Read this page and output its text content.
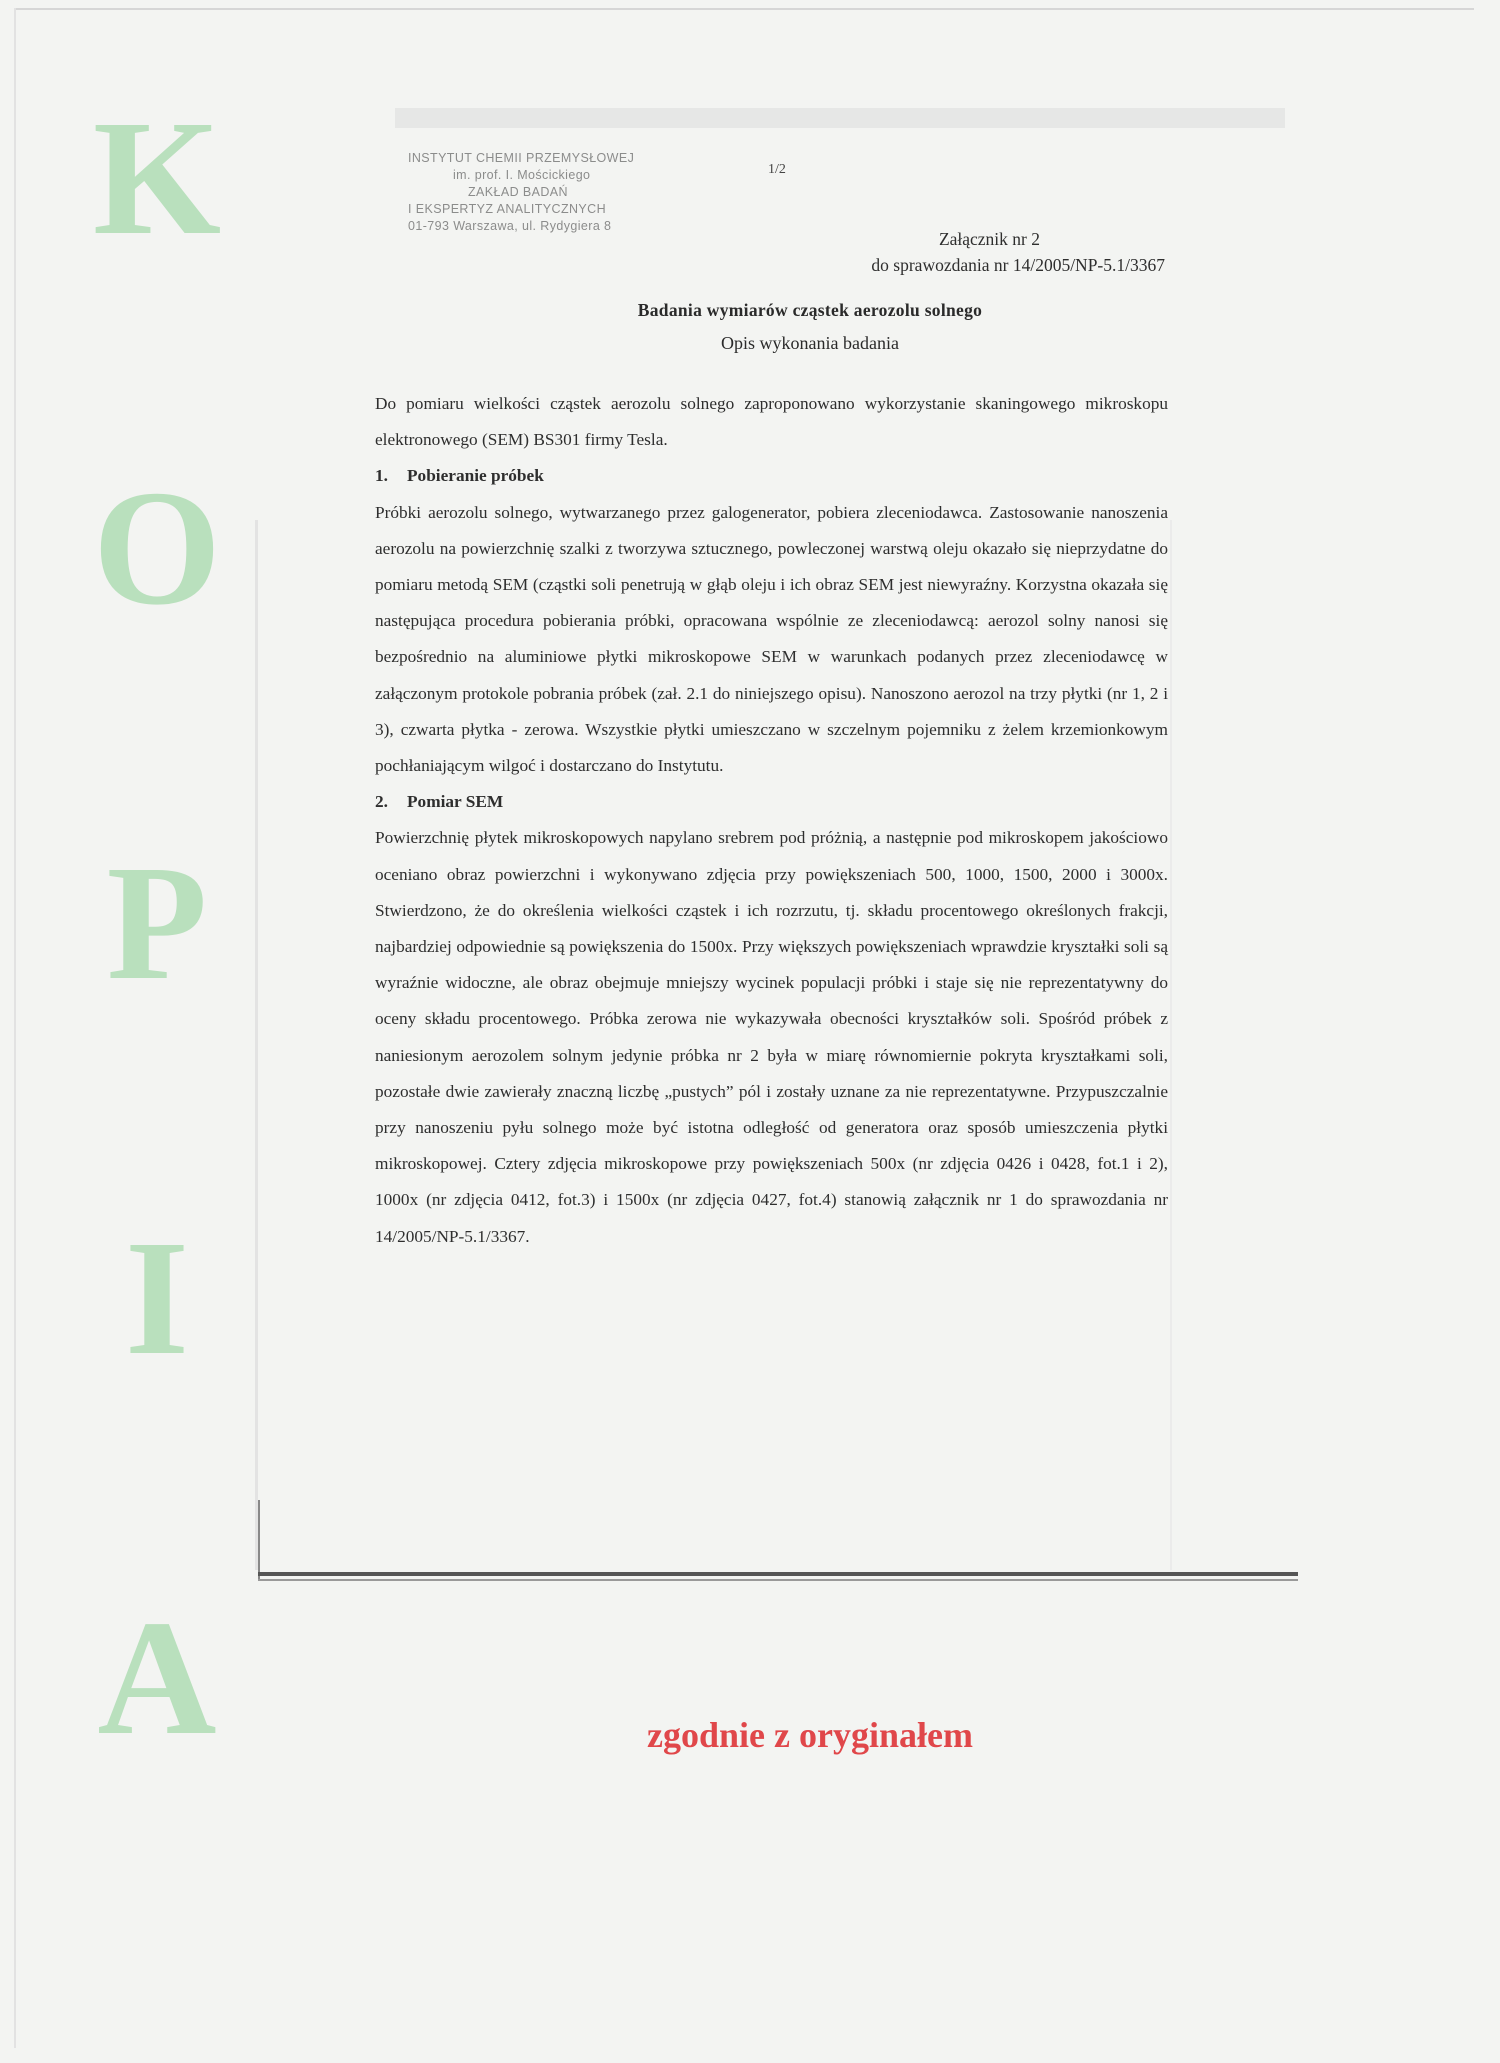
K
O
P
I
A
INSTYTUT CHEMII PRZEMYSŁOWEJ
im. prof. I. Mościckiego
ZAKŁAD BADAŃ
I EKSPERTYZ ANALITYCZNYCH
01-793 Warszawa, ul. Rydygiera 8
1/2
Załącznik nr 2
do sprawozdania nr 14/2005/NP-5.1/3367
Badania wymiarów cząstek aerozolu solnego
Opis wykonania badania

Do pomiaru wielkości cząstek aerozolu solnego zaproponowano wykorzystanie skaningowego mikroskopu elektronowego (SEM) BS301 firmy Tesla.

1. Pobieranie próbek

Próbki aerozolu solnego, wytwarzanego przez galogenerator, pobiera zleceniodawca. Zastosowanie nanoszenia aerozolu na powierzchnię szalki z tworzywa sztucznego, powleczonej warstwą oleju okazało się nieprzydatne do pomiaru metodą SEM (cząstki soli penetrują w głąb oleju i ich obraz SEM jest niewyraźny. Korzystna okazała się następująca procedura pobierania próbki, opracowana wspólnie ze zleceniodawcą: aerozol solny nanosi się bezpośrednio na aluminiowe płytki mikroskopowe SEM w warunkach podanych przez zleceniodawcę w załączonym protokole pobrania próbek (zał. 2.1 do niniejszego opisu). Nanoszono aerozol na trzy płytki (nr 1, 2 i 3), czwarta płytka - zerowa. Wszystkie płytki umieszczano w szczelnym pojemniku z żelem krzemionkowym pochłaniającym wilgoć i dostarczano do Instytutu.

2. Pomiar SEM

Powierzchnię płytek mikroskopowych napylano srebrem pod próżnią, a następnie pod mikroskopem jakościowo oceniano obraz powierzchni i wykonywano zdjęcia przy powiększeniach 500, 1000, 1500, 2000 i 3000x. Stwierdzono, że do określenia wielkości cząstek i ich rozrzutu, tj. składu procentowego określonych frakcji, najbardziej odpowiednie są powiększenia do 1500x. Przy większych powiększeniach wprawdzie kryształki soli są wyraźnie widoczne, ale obraz obejmuje mniejszy wycinek populacji próbki i staje się nie reprezentatywny do oceny składu procentowego. Próbka zerowa nie wykazywała obecności kryształków soli. Spośród próbek z naniesionym aerozolem solnym jedynie próbka nr 2 była w miarę równomiernie pokryta kryształkami soli, pozostałe dwie zawierały znaczną liczbę „pustych” pól i zostały uznane za nie reprezentatywne. Przypuszczalnie przy nanoszeniu pyłu solnego może być istotna odległość od generatora oraz sposób umieszczenia płytki mikroskopowej. Cztery zdjęcia mikroskopowe przy powiększeniach 500x (nr zdjęcia 0426 i 0428, fot.1 i 2), 1000x (nr zdjęcia 0412, fot.3) i 1500x (nr zdjęcia 0427, fot.4) stanowią załącznik nr 1 do sprawozdania nr 14/2005/NP-5.1/3367.

zgodnie z oryginałem
